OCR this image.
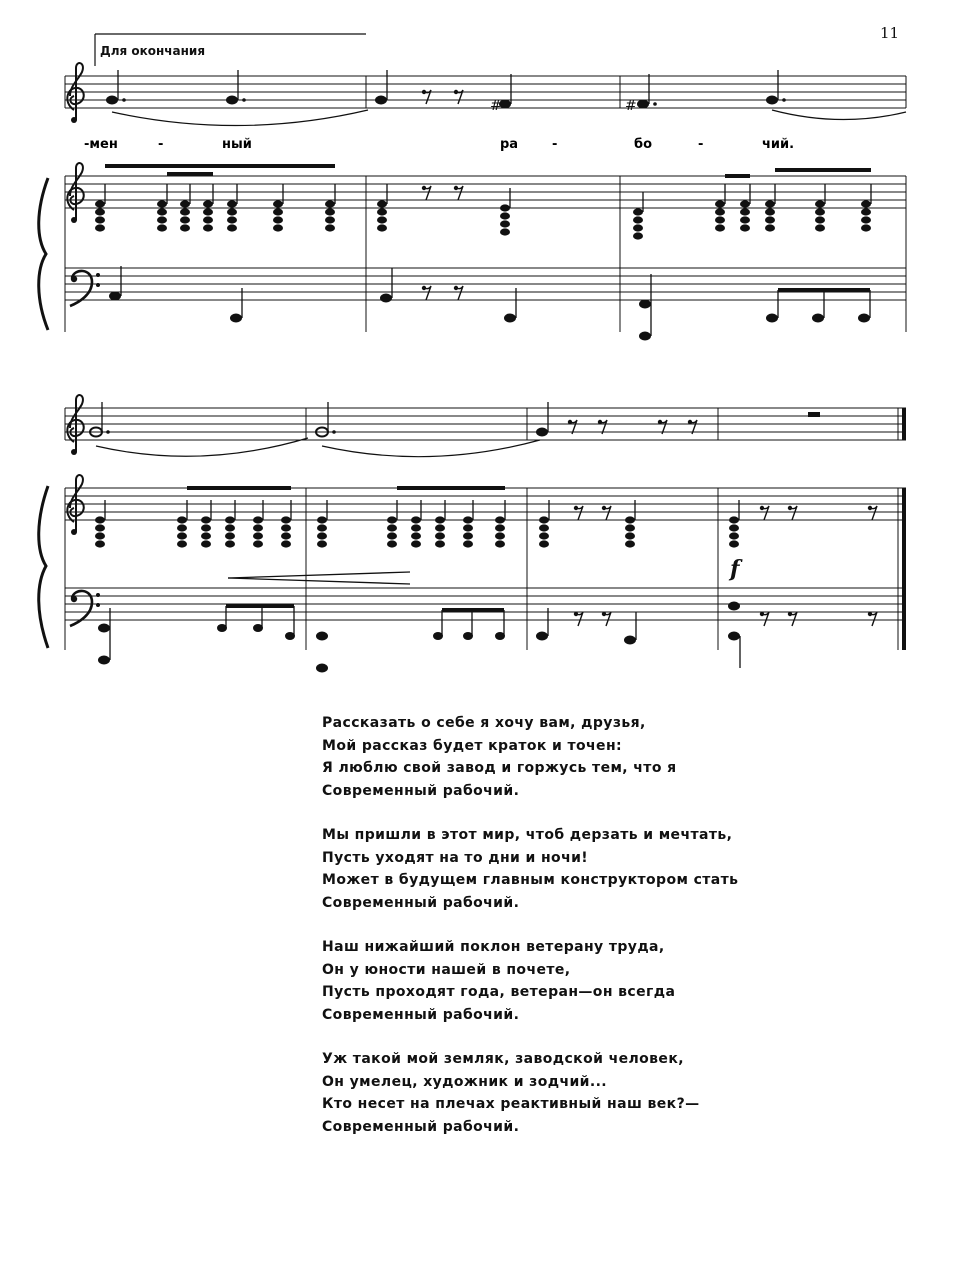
11
Для окончания
#	#
-мен	-	ный	ра	-	бо	-	чий.
f
Рассказать о себе я хочу вам, друзья,
Мой рассказ будет краток и точен:
Я люблю свой завод и горжусь тем, что я
Современный рабочий.
Мы пришли в этот мир, чтоб дерзать и мечтать,
Пусть уходят на то дни и ночи!
Может в будущем главным конструктором стать
Современный рабочий.
Наш нижайший поклон ветерану труда,
Он у юности нашей в почете,
Пусть проходят года, ветеран—он всегда
Современный рабочий.
Уж такой мой земляк, заводской человек,
Он умелец, художник и зодчий...
Кто несет на плечах реактивный наш век?—
Современный рабочий.
